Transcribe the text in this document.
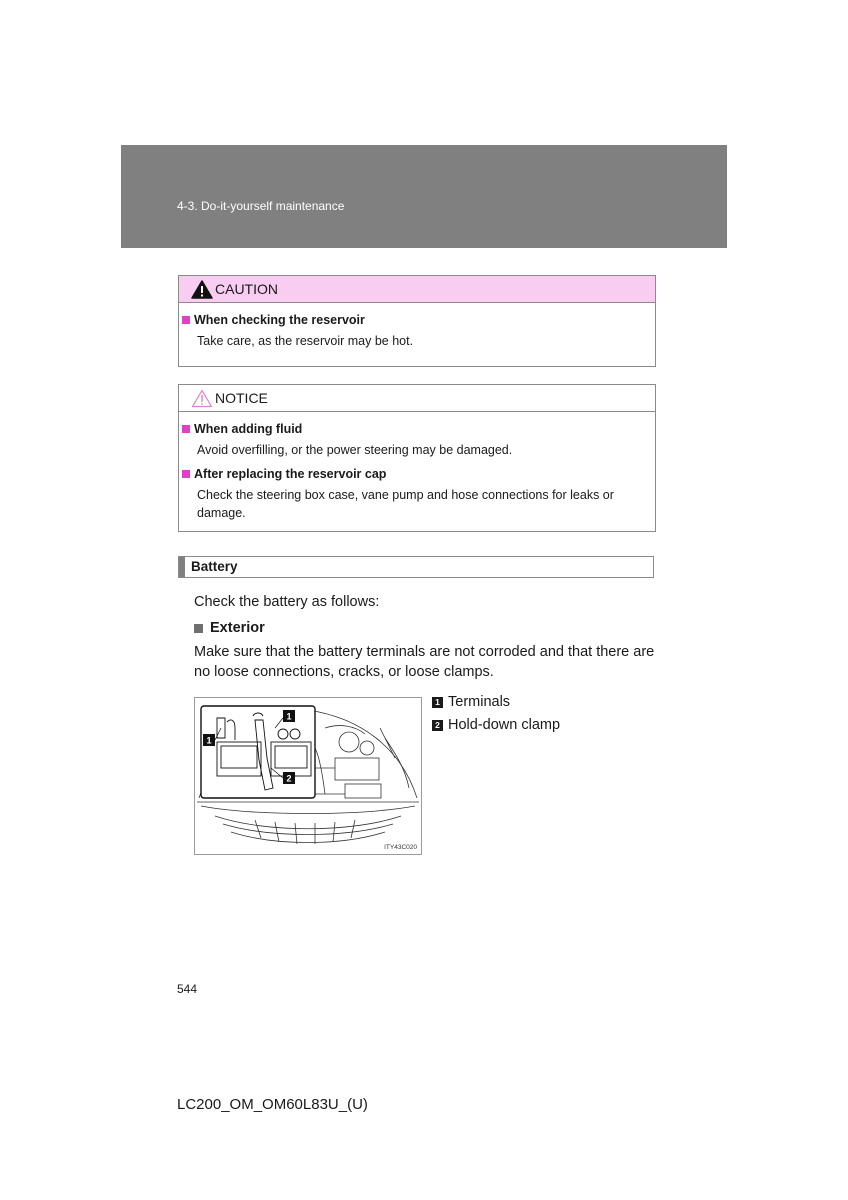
4-3. Do-it-yourself maintenance
CAUTION
When checking the reservoir

Take care, as the reservoir may be hot.

NOTICE
When adding fluid

Avoid overfilling, or the power steering may be damaged.

After replacing the reservoir cap

Check the steering box case, vane pump and hose connections for leaks or damage.

Battery
Check the battery as follows:
Exterior
Make sure that the battery terminals are not corroded and that there are no loose connections, cracks, or loose clamps.
1
1
2
ITY43C020
1 Terminals
2 Hold-down clamp
544
LC200_OM_OM60L83U_(U)
